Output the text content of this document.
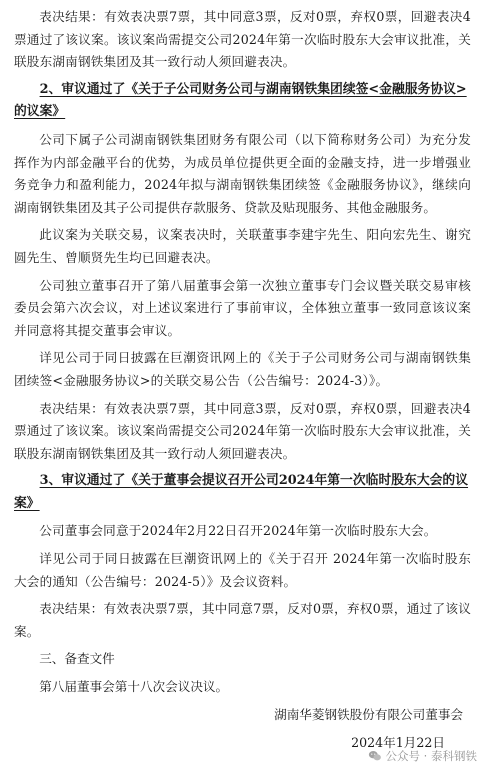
表决结果：有效表决票7票，其中同意3票，反对0票，弃权0票，回避表决4票通过了该议案。该议案尚需提交公司2024年第一次临时股东大会审议批准，关联股东湖南钢铁集团及其一致行动人须回避表决。

2、审议通过了《关于子公司财务公司与湖南钢铁集团续签<金融服务协议>的议案》

公司下属子公司湖南钢铁集团财务有限公司（以下简称财务公司）为充分发挥作为内部金融平台的优势，为成员单位提供更全面的金融支持，进一步增强业务竞争力和盈利能力，2024年拟与湖南钢铁集团续签《金融服务协议》，继续向湖南钢铁集团及其子公司提供存款服务、贷款及贴现服务、其他金融服务。

此议案为关联交易，议案表决时，关联董事李建宇先生、阳向宏先生、谢究圆先生、曾顺贤先生均已回避表决。

公司独立董事召开了第八届董事会第一次独立董事专门会议暨关联交易审核委员会第六次会议，对上述议案进行了事前审议，全体独立董事一致同意该议案并同意将其提交董事会审议。

详见公司于同日披露在巨潮资讯网上的《关于子公司财务公司与湖南钢铁集团续签<金融服务协议>的关联交易公告（公告编号：2024-3）》。

表决结果：有效表决票7票，其中同意3票，反对0票，弃权0票，回避表决4票通过了该议案。该议案尚需提交公司2024年第一次临时股东大会审议批准，关联股东湖南钢铁集团及其一致行动人须回避表决。

3、审议通过了《关于董事会提议召开公司2024年第一次临时股东大会的议案》

公司董事会同意于2024年2月22日召开2024年第一次临时股东大会。

详见公司于同日披露在巨潮资讯网上的《关于召开 2024年第一次临时股东大会的通知（公告编号：2024-5）》及会议资料。

表决结果：有效表决票7票，其中同意7票，反对0票，弃权0票，通过了该议案。

三、备查文件

第八届董事会第十八次会议决议。

湖南华菱钢铁股份有限公司董事会

2024年1月22日

公众号 · 泰科钢铁
